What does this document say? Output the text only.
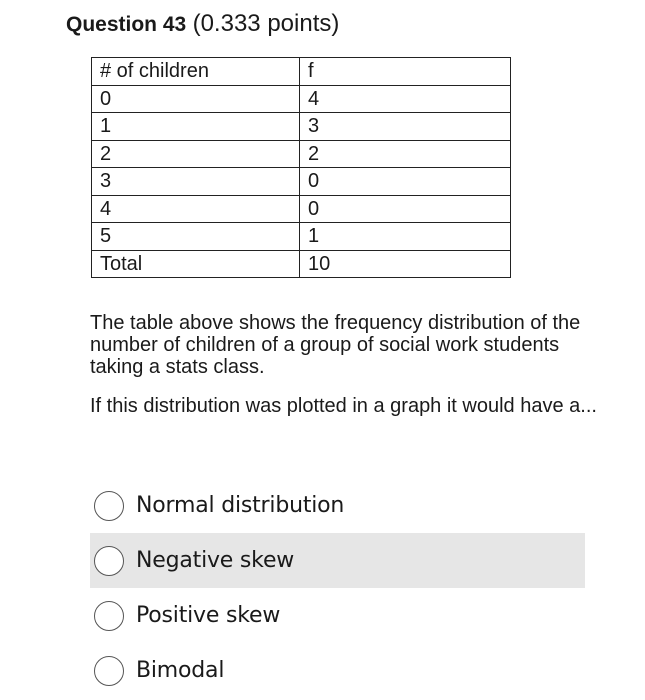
Question 43 (0.333 points)
# of children	f
0	4
1	3
2	2
3	0
4	0
5	1
Total	10

The table above shows the frequency distribution of the number of children of a group of social work students taking a stats class.

If this distribution was plotted in a graph it would have a...

Normal distribution
Negative skew
Positive skew
Bimodal
